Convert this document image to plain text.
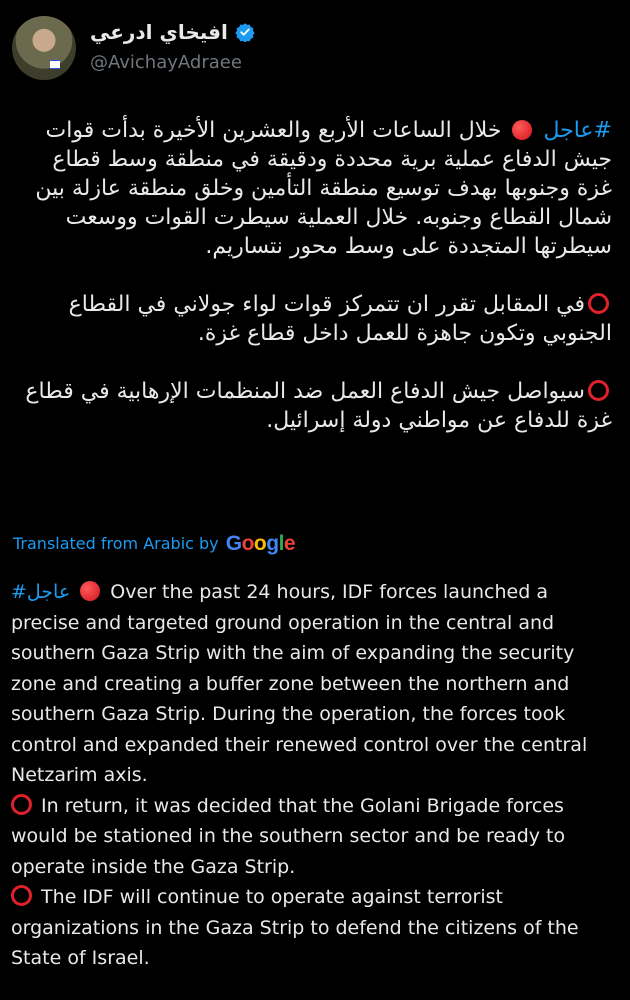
افيخاي ادرعي
@AvichayAdraee

#عاجل  خلال الساعات الأربع والعشرين الأخيرة بدأت قوات جيش الدفاع عملية برية محددة ودقيقة في منطقة وسط قطاع غزة وجنوبها بهدف توسيع منطقة التأمين وخلق منطقة عازلة بين شمال القطاع وجنوبه. خلال العملية سيطرت القوات ووسعت سيطرتها المتجددة على وسط محور نتساريم.

في المقابل تقرر ان تتمركز قوات لواء جولاني في القطاع الجنوبي وتكون جاهزة للعمل داخل قطاع غزة.

سيواصل جيش الدفاع العمل ضد المنظمات الإرهابية في قطاع غزة للدفاع عن مواطني دولة إسرائيل.

Translated from Arabic by Google

#عاجل Over the past 24 hours, IDF forces launched a precise and targeted ground operation in the central and southern Gaza Strip with the aim of expanding the security zone and creating a buffer zone between the northern and southern Gaza Strip. During the operation, the forces took control and expanded their renewed control over the central Netzarim axis.

In return, it was decided that the Golani Brigade forces would be stationed in the southern sector and be ready to operate inside the Gaza Strip.

The IDF will continue to operate against terrorist organizations in the Gaza Strip to defend the citizens of the State of Israel.
